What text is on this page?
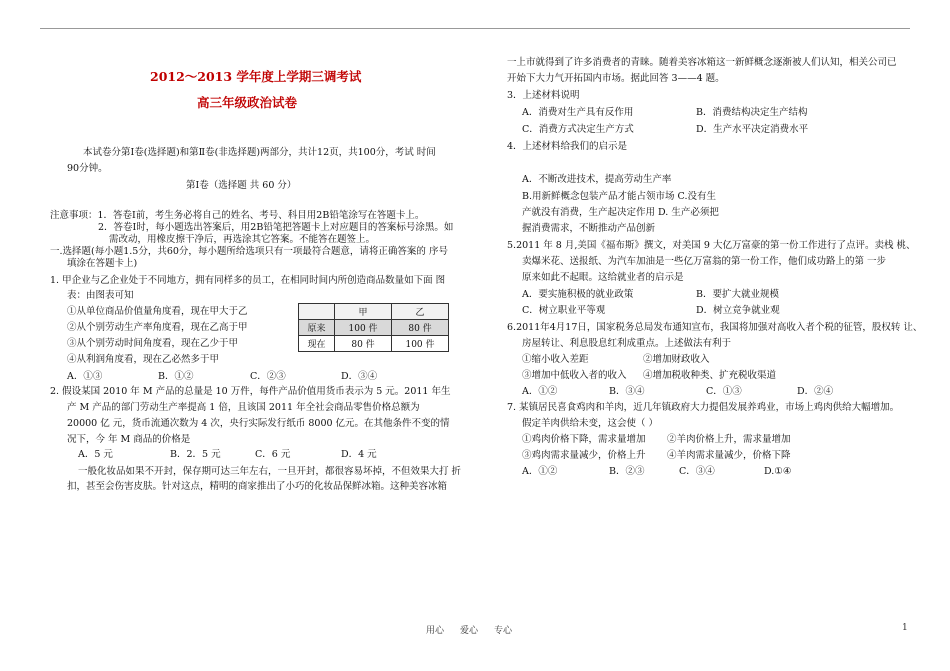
2012～2013 学年度上学期三调考试
高三年级政治试卷
本试卷分第Ⅰ卷(选择题)和第Ⅱ卷(非选择题)两部分，共计12页，共100分，考试 时间
90分钟。
第Ⅰ卷（选择题 共 60 分）
注意事项：1．答卷Ⅰ前，考生务必将自己的姓名、考号、科目用2B铅笔涂写在答题卡上。
2．答卷Ⅰ时，每小题选出答案后，用2B铅笔把答题卡上对应题目的答案标号涂黑。如
需改动，用橡皮擦干净后，再选涂其它答案。不能答在题签上。
一.选择题(每小题1.5分，共60分，每小题所给选项只有一项最符合题意，请将正确答案的 序号
填涂在答题卡上)
1. 甲企业与乙企业处于不同地方，拥有同样多的员工，在相同时间内所创造商品数量如下面 图
表：由图表可知
①从单位商品价值量角度看，现在甲大于乙
②从个别劳动生产率角度看，现在乙高于甲
③从个别劳动时间角度看，现在乙少于甲
④从利润角度看，现在乙必然多于甲
	甲	乙
原来	100 件	80 件
现在	80 件	100 件
A．①③	B．①②	C．②③	D．③④
2. 假设某国 2010 年 M 产品的总量是 10 万件，每件产品价值用货币表示为 5 元。2011 年生
产 M 产品的部门劳动生产率提高 1 倍，且该国 2011 年全社会商品零售价格总额为
20000 亿 元，货币流通次数为 4 次，央行实际发行纸币 8000 亿元。在其他条件不变的情
况下，今 年 M 商品的价格是
A．5 元	B．2．5 元	C．6 元	D．4 元
一般化妆品如果不开封，保存期可达三年左右，一旦开封，都很容易坏掉，不但效果大打 折
扣，甚至会伤害皮肤。针对这点，精明的商家推出了小巧的化妆品保鲜冰箱。这种美容冰箱
一上市就得到了许多消费者的青睐。随着美容冰箱这一新鲜概念逐渐被人们认知，相关公司已
开始下大力气开拓国内市场。据此回答 3——4 题。
3．上述材料说明
A．消费对生产具有反作用	B．消费结构决定生产结构
C．消费方式决定生产方式	D．生产水平决定消费水平
4．上述材料给我们的启示是
A．不断改进技术，提高劳动生产率
B.用新鲜概念包装产品才能占领市场 C.没有生
产就没有消费，生产起决定作用 D. 生产必须把
握消费需求，不断推动产品创新
5.2011 年 8 月,美国《福布斯》撰文，对美国 9 大亿万富豪的第一份工作进行了点评。卖栈 桃、
卖爆米花、送报纸、为汽车加油是一些亿万富翁的第一份工作，他们成功路上的第 一步
原来如此不起眼。这给就业者的启示是
A．要实施积极的就业政策	B．要扩大就业规模
C．树立职业平等观	D．树立竞争就业观
6.2011年4月17日，国家税务总局发布通知宣布，我国将加强对高收入者个税的征管，股权转 让、
房屋转让、利息股息红利成重点。上述做法有利于
①缩小收入差距	②增加财政收入
③增加中低收入者的收入 ④增加税收种类、扩充税收渠道
A．①②	B．③④	C．①③	D．②④
7. 某镇居民喜食鸡肉和羊肉，近几年镇政府大力提倡发展养鸡业，市场上鸡肉供给大幅增加。
假定羊肉供给未变，这会使（ ）
①鸡肉价格下降，需求量增加 ②羊肉价格上升，需求量增加
③鸡肉需求量减少，价格上升 ④羊肉需求量减少，价格下降
A．①②	B．②③	C．③④	D.①④
用心 爱心 专心	1
